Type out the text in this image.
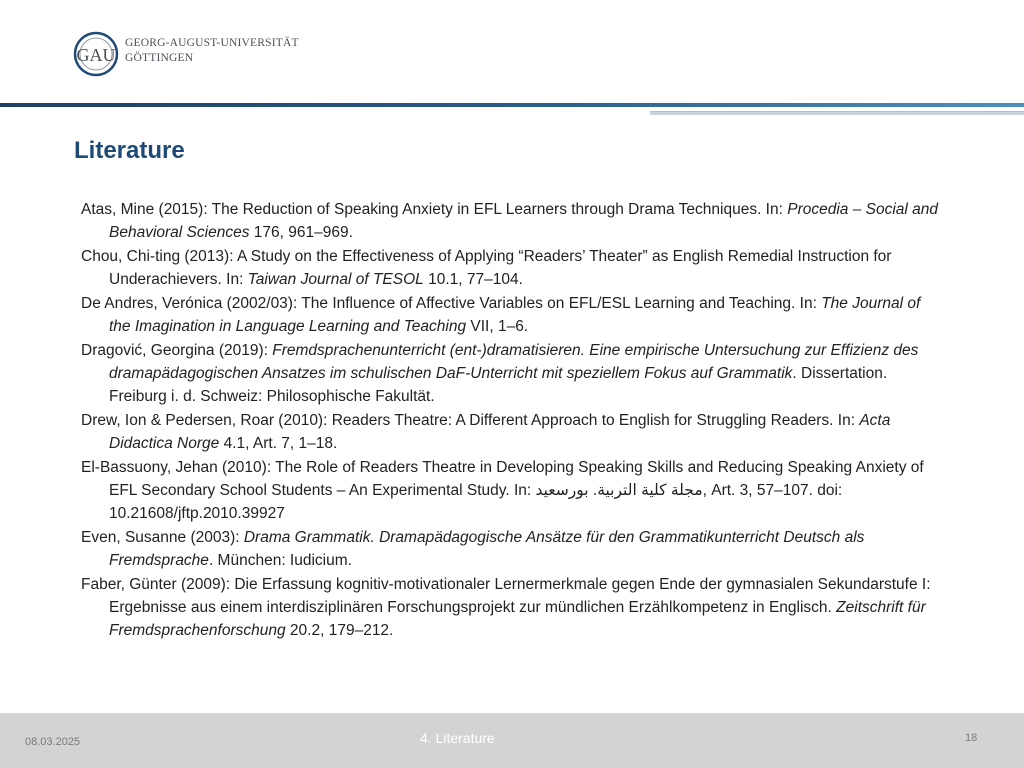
GAU
GEORG-AUGUST-UNIVERSITÄT
GÖTTINGEN
Literature

Atas, Mine (2015): The Reduction of Speaking Anxiety in EFL Learners through Drama Techniques. In: Procedia – Social and Behavioral Sciences 176, 961–969.

Chou, Chi-ting (2013): A Study on the Effectiveness of Applying “Readers’ Theater” as English Remedial Instruction for Underachievers. In: Taiwan Journal of TESOL 10.1, 77–104.

De Andres, Verónica (2002/03): The Influence of Affective Variables on EFL/ESL Learning and Teaching. In: The Journal of the Imagination in Language Learning and Teaching VII, 1–6.

Dragović, Georgina (2019): Fremdsprachenunterricht (ent-)dramatisieren. Eine empirische Untersuchung zur Effizienz des dramapädagogischen Ansatzes im schulischen DaF-Unterricht mit speziellem Fokus auf Grammatik. Dissertation. Freiburg i. d. Schweiz: Philosophische Fakultät.

Drew, Ion & Pedersen, Roar (2010): Readers Theatre: A Different Approach to English for Struggling Readers. In: Acta Didactica Norge 4.1, Art. 7, 1–18.

El-Bassuony, Jehan (2010): The Role of Readers Theatre in Developing Speaking Skills and Reducing Speaking Anxiety of EFL Secondary School Students – An Experimental Study. In: مجلة كلية التربية. بورسعيد, Art. 3, 57–107. doi: 10.21608/jftp.2010.39927

Even, Susanne (2003): Drama Grammatik. Dramapädagogische Ansätze für den Grammatikunterricht Deutsch als Fremdsprache. München: Iudicium.

Faber, Günter (2009): Die Erfassung kognitiv-motivationaler Lernermerkmale gegen Ende der gymnasialen Sekundarstufe I: Ergebnisse aus einem interdisziplinären Forschungsprojekt zur mündlichen Erzählkompetenz in Englisch. Zeitschrift für Fremdsprachenforschung 20.2, 179–212.

08.03.2025	4. Literature	18
